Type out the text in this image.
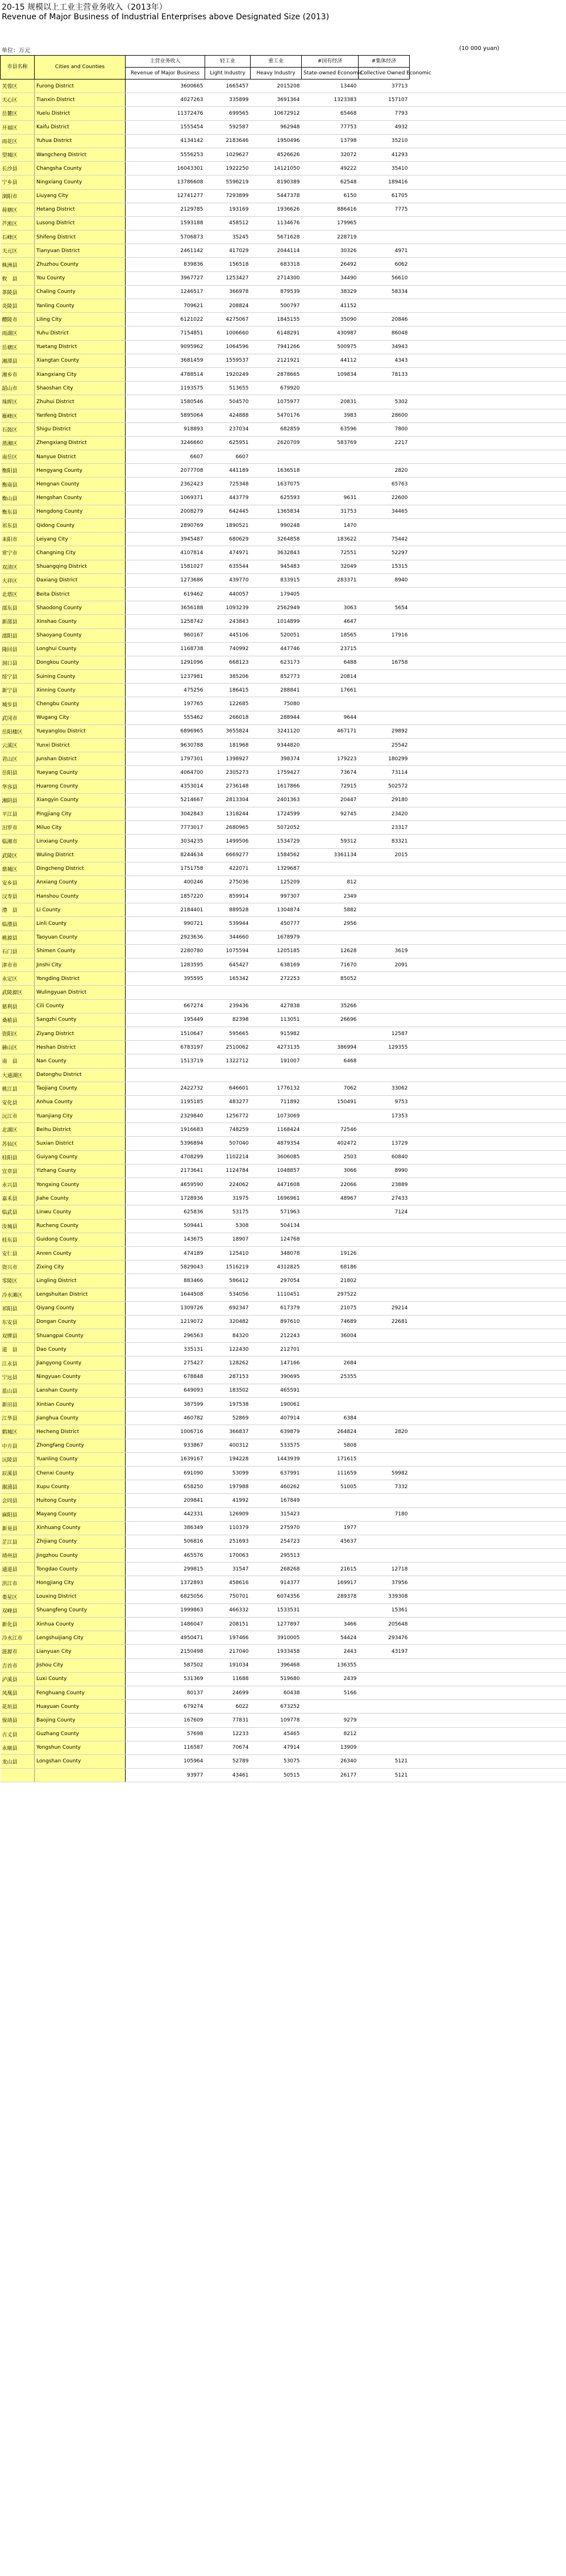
20-15 规模以上工业主营业务收入（2013年）
Revenue of Major Business of Industrial Enterprises above Designated Size (2013)
单位：万元	(10 000 yuan)
市县名称	Cities and Counties	主营业务收入	轻工业	重工业	#国有经济	#集体经济	
		Revenue of Major Business	Light Industry	Heavy Industry	State-owned Economic	Collective Owned Economic	
芙蓉区	Furong District	3600665	1665457	2015208	13440	37713	
天心区	Tianxin District	4027263	335899	3691364	1323383	157107	
岳麓区	Yuelu District	11372476	699565	10672912	65468	7793	
开福区	Kaifu District	1555454	592587	962948	77753	4932	
雨花区	Yuhua District	4134142	2183646	1950496	13798	35210	
望城区	Wangcheng District	5556253	1029627	4526626	32072	41293	
长沙县	Changsha County	16043301	1922250	14121050	49222	35410	
宁乡县	Ningxiang County	13786608	5596219	8190389	62548	189416	
浏阳市	Liuyang City	12741277	7293899	5447378	6150	61705	
荷塘区	Hetang District	2129785	193169	1936626	886416	7775	
芦淞区	Lusong District	1593188	458512	1134676	179965		
石峰区	Shifeng District	5706873	35245	5671628	228719		
天元区	Tianyuan District	2461142	417029	2044114	30326	4971	
株洲县	Zhuzhou County	839836	156518	683318	26492	6062	
攸　县	You County	3967727	1253427	2714300	34490	56610	
茶陵县	Chaling County	1246517	366978	879539	38329	58334	
炎陵县	Yanling County	709621	208824	500797	41152		
醴陵市	Liling City	6121022	4275067	1845155	35090	20846	
雨湖区	Yuhu District	7154851	1006660	6148291	430987	86048	
岳塘区	Yuetang District	9095962	1064596	7941266	500975	34943	
湘潭县	Xiangtan County	3681459	1559537	2121921	44112	4343	
湘乡市	Xiangxiang City	4788514	1920249	2878665	109834	78133	
韶山市	Shaoshan City	1193575	513655	679920			
珠晖区	Zhuhui District	1580546	504570	1075977	20831	5302	
雁峰区	Yanfeng District	5895064	424888	5470176	3983	28600	
石鼓区	Shigu District	918893	237034	682859	63596	7800	
蒸湘区	Zhengxiang District	3246660	625951	2620709	583769	2217	
南岳区	Nanyue District	6607	6607				
衡阳县	Hengyang County	2077708	441189	1636518		2820	
衡南县	Hengnan County	2362423	725348	1637075		65763	
衡山县	Hengshan County	1069371	443779	625593	9631	22600	
衡东县	Hengdong County	2008279	642445	1365834	31753	34465	
祁东县	Qidong County	2890769	1890521	990248	1470		
耒阳市	Leiyang City	3945487	680629	3264858	183622	75442	
常宁市	Changning City	4107814	474971	3632843	72551	52297	
双清区	Shuangqing District	1581027	635544	945483	32049	15315	
大祥区	Daxiang District	1273686	439770	833915	283371	8940	
北塔区	Beita District	619462	440057	179405			
邵东县	Shaodong County	3656188	1093239	2562949	3063	5654	
新邵县	Xinshao County	1258742	243843	1014899	4647		
邵阳县	Shaoyang County	960167	445106	520051	18565	17916	
隆回县	Longhui County	1168738	740992	447746	23715		
洞口县	Dongkou County	1291096	668123	623173	6488	16758	
绥宁县	Suining County	1237981	385206	852773	20814		
新宁县	Xinning County	475256	186415	288841	17661		
城步县	Chengbu County	197765	122685	75080			
武冈市	Wugang City	555462	266018	288944	9644		
岳阳楼区	Yueyanglou District	6896965	3655824	3241120	467171	29892	
云溪区	Yunxi District	9630788	181968	9344820		25542	
君山区	Junshan District	1797301	1398927	398374	179223	180299	
岳阳县	Yueyang County	4064700	2305273	1759427	73674	73114	
华容县	Huarong County	4353014	2736148	1617866	72915	502572	
湘阴县	Xiangyin County	5214667	2813304	2401363	20447	29180	
平江县	Pingjiang City	3042843	1318244	1724599	92745	23420	
汨罗市	Miluo City	7773017	2680965	5072052		23317	
临湘市	Linxiang County	3034235	1499506	1534729	59312	83321	
武陵区	Wuling District	8244634	6669277	1584562	3361134	2015	
鼎城区	Dingcheng District	1751758	422071	1329687			
安乡县	Anxiang County	400246	275036	125209	812		
汉寿县	Hanshou County	1857220	859914	997307	2349		
澧　县	Li County	2184401	889528	1304874	5882		
临澧县	Linli County	990721	539944	450777	2956		
桃源县	Taoyuan County	2923636	344660	1678979			
石门县	Shimen County	2280780	1075594	1205185	12628	3619	
津市市	Jinshi City	1283595	645427	638169	71670	2091	
永定区	Yongding District	395595	165342	272253	85052		
武陵源区	Wulingyuan District						
慈利县	Cili County	667274	239436	427838	35266		
桑植县	Sangzhi County	195449	82398	113051	26696		
资阳区	Ziyang District	1510647	595665	915982		12587	
赫山区	Heshan District	6783197	2510062	4273135	386994	129355	
南　县	Nan County	1513719	1322712	191007	6468		
大通湖区	Datonghu District						
桃江县	Taojiang County	2422732	646601	1776132	7062	33062	
安化县	Anhua County	1195185	483277	711892	150491	9753	
沅江市	Yuanjiang City	2329840	1256772	1073069		17353	
北湖区	Beihu District	1916683	748259	1168424	72546		
苏仙区	Suxian District	5396894	507040	4879354	402472	13729	
桂阳县	Guiyang County	4708299	1102214	3606085	2503	60840	
宜章县	Yizhang County	2173641	1124784	1048857	3066	8990	
永兴县	Yongxing County	4659590	224062	4471608	22066	23889	
嘉禾县	Jiahe County	1728936	31975	1696961	48967	27433	
临武县	Linwu County	625836	53175	571963		7124	
汝城县	Rucheng County	509441	5308	504134			
桂东县	Guidong County	143675	18907	124768			
安仁县	Anren County	474189	125410	348078	19126		
资兴市	Zixing City	5829043	1516219	4312825	68186		
零陵区	Lingling District	883466	586412	297054	21802		
冷水滩区	Lengshuitan District	1644508	534056	1110451	297522		
祁阳县	Qiyang County	1309726	692347	617379	21075	29214	
东安县	Dongan County	1219072	320482	897610	74689	22681	
双牌县	Shuangpai County	296563	84320	212243	36004		
道　县	Dao County	335131	122430	212701			
江永县	Jiangyong County	275427	128262	147166	2684		
宁远县	Ningyuan County	678848	287153	390695	25355		
蓝山县	Lanshan County	649093	183502	465591			
新田县	Xintian County	387599	197538	190061			
江华县	Jianghua County	460782	52869	407914	6384		
鹤城区	Hecheng District	1006716	366837	639879	264824	2820	
中方县	Zhongfang County	933867	400312	533575	5808		
沅陵县	Yuanling County	1639167	194228	1443939	171615		
辰溪县	Chenxi County	691090	53099	637991	111659	59982	
溆浦县	Xupu County	658250	197988	460262	51005	7332	
会同县	Huitong County	209841	41992	167849			
麻阳县	Mayang County	442331	126909	315423		7180	
新晃县	Xinhuang County	386349	110379	275970	1977		
芷江县	Zhijiang County	506816	251693	254723	45637		
靖州县	Jingzhou County	465576	170063	295513			
通道县	Tongdao County	299815	31547	268268	21615	12718	
洪江市	Hongjiang City	1372893	458616	914377	169917	37956	
娄星区	Louxing District	6825056	750701	6074356	289378	339308	
双峰县	Shuangfeng County	1999863	466332	1533531		15361	
新化县	Xinhua County	1486047	208151	1277897	3466	205648	
冷水江市	Lengshuijiang City	4950471	197466	3910005	54424	293476	
涟源市	Lianyuan City	2150498	217040	1933458	2443	43197	
吉首市	Jishou City	587502	191034	396468	136355		
泸溪县	Luxi County	531369	11688	519680	2439		
凤凰县	Fenghuang County	80137	24699	60438	5166		
花垣县	Huayuan County	679274	6022	673252			
保靖县	Baojing County	167609	77831	109778	9279		
古丈县	Guzhang County	57698	12233	45465	8212		
永顺县	Yongshun County	116587	70674	47914	13909		
龙山县	Longshan County	105964	52789	53075	26340	5121	
		93977	43461	50515	26177	5121	
